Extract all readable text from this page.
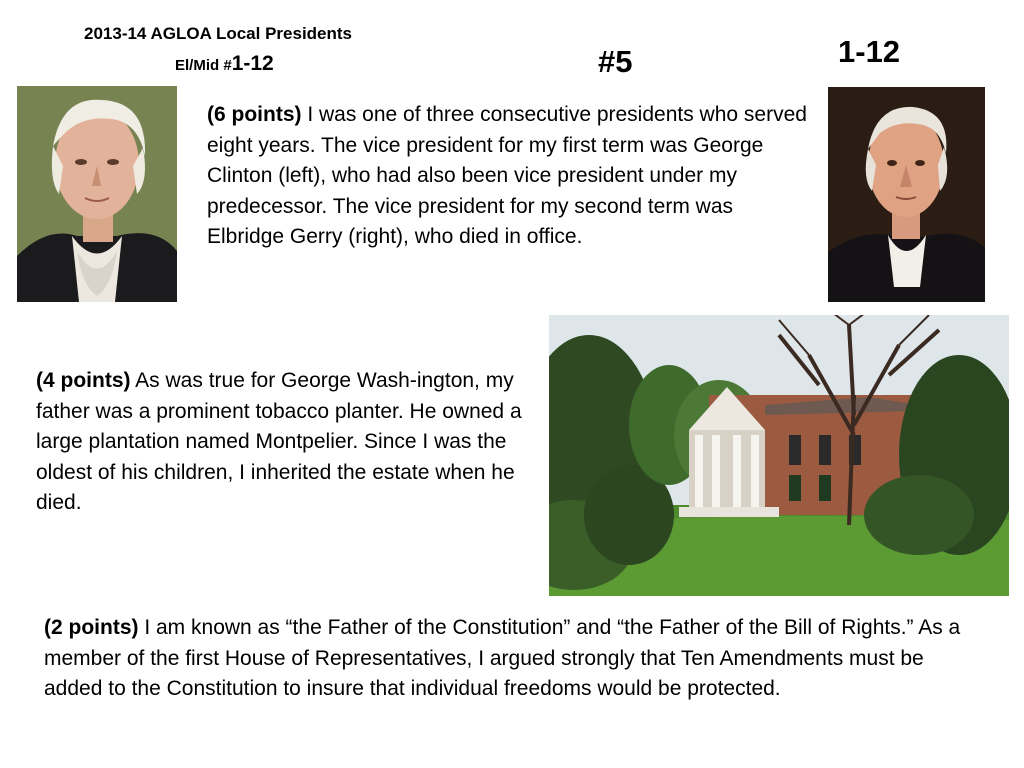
2013-14 AGLOA Local Presidents
El/Mid #1-12	#5	1-12
(6 points) I was one of three consecutive presidents who served eight years. The vice president for my first term was George Clinton (left), who had also been vice president under my predecessor. The vice president for my second term was Elbridge Gerry (right), who died in office.
(4 points) As was true for George Wash-ington, my father was a prominent tobacco planter. He owned a large plantation named Montpelier. Since I was the oldest of his children, I inherited the estate when he died.
(2 points) I am known as “the Father of the Constitution” and “the Father of the Bill of Rights.” As a member of the first House of Representatives, I argued strongly that Ten Amendments must be added to the Constitution to insure that individual freedoms would be protected.
